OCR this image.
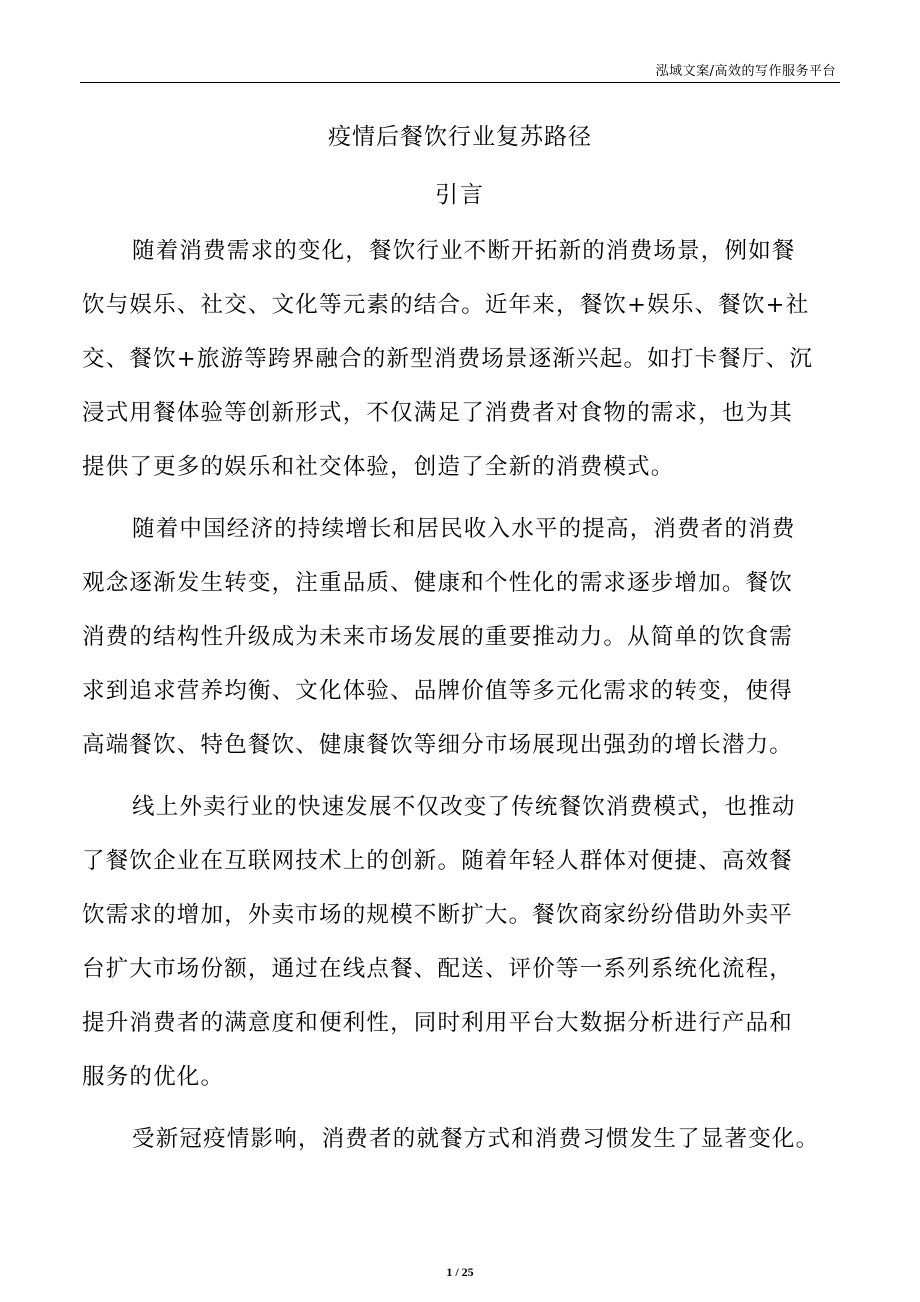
泓域文案/高效的写作服务平台
疫情后餐饮行业复苏路径
引言

随着消费需求的变化，餐饮行业不断开拓新的消费场景，例如餐
饮与娱乐、社交、文化等元素的结合。近年来，餐饮+娱乐、餐饮+社
交、餐饮+旅游等跨界融合的新型消费场景逐渐兴起。如打卡餐厅、沉
浸式用餐体验等创新形式，不仅满足了消费者对食物的需求，也为其
提供了更多的娱乐和社交体验，创造了全新的消费模式。

随着中国经济的持续增长和居民收入水平的提高，消费者的消费
观念逐渐发生转变，注重品质、健康和个性化的需求逐步增加。餐饮
消费的结构性升级成为未来市场发展的重要推动力。从简单的饮食需
求到追求营养均衡、文化体验、品牌价值等多元化需求的转变，使得
高端餐饮、特色餐饮、健康餐饮等细分市场展现出强劲的增长潜力。

线上外卖行业的快速发展不仅改变了传统餐饮消费模式，也推动
了餐饮企业在互联网技术上的创新。随着年轻人群体对便捷、高效餐
饮需求的增加，外卖市场的规模不断扩大。餐饮商家纷纷借助外卖平
台扩大市场份额，通过在线点餐、配送、评价等一系列系统化流程，
提升消费者的满意度和便利性，同时利用平台大数据分析进行产品和
服务的优化。

受新冠疫情影响，消费者的就餐方式和消费习惯发生了显著变化。

1 / 25
